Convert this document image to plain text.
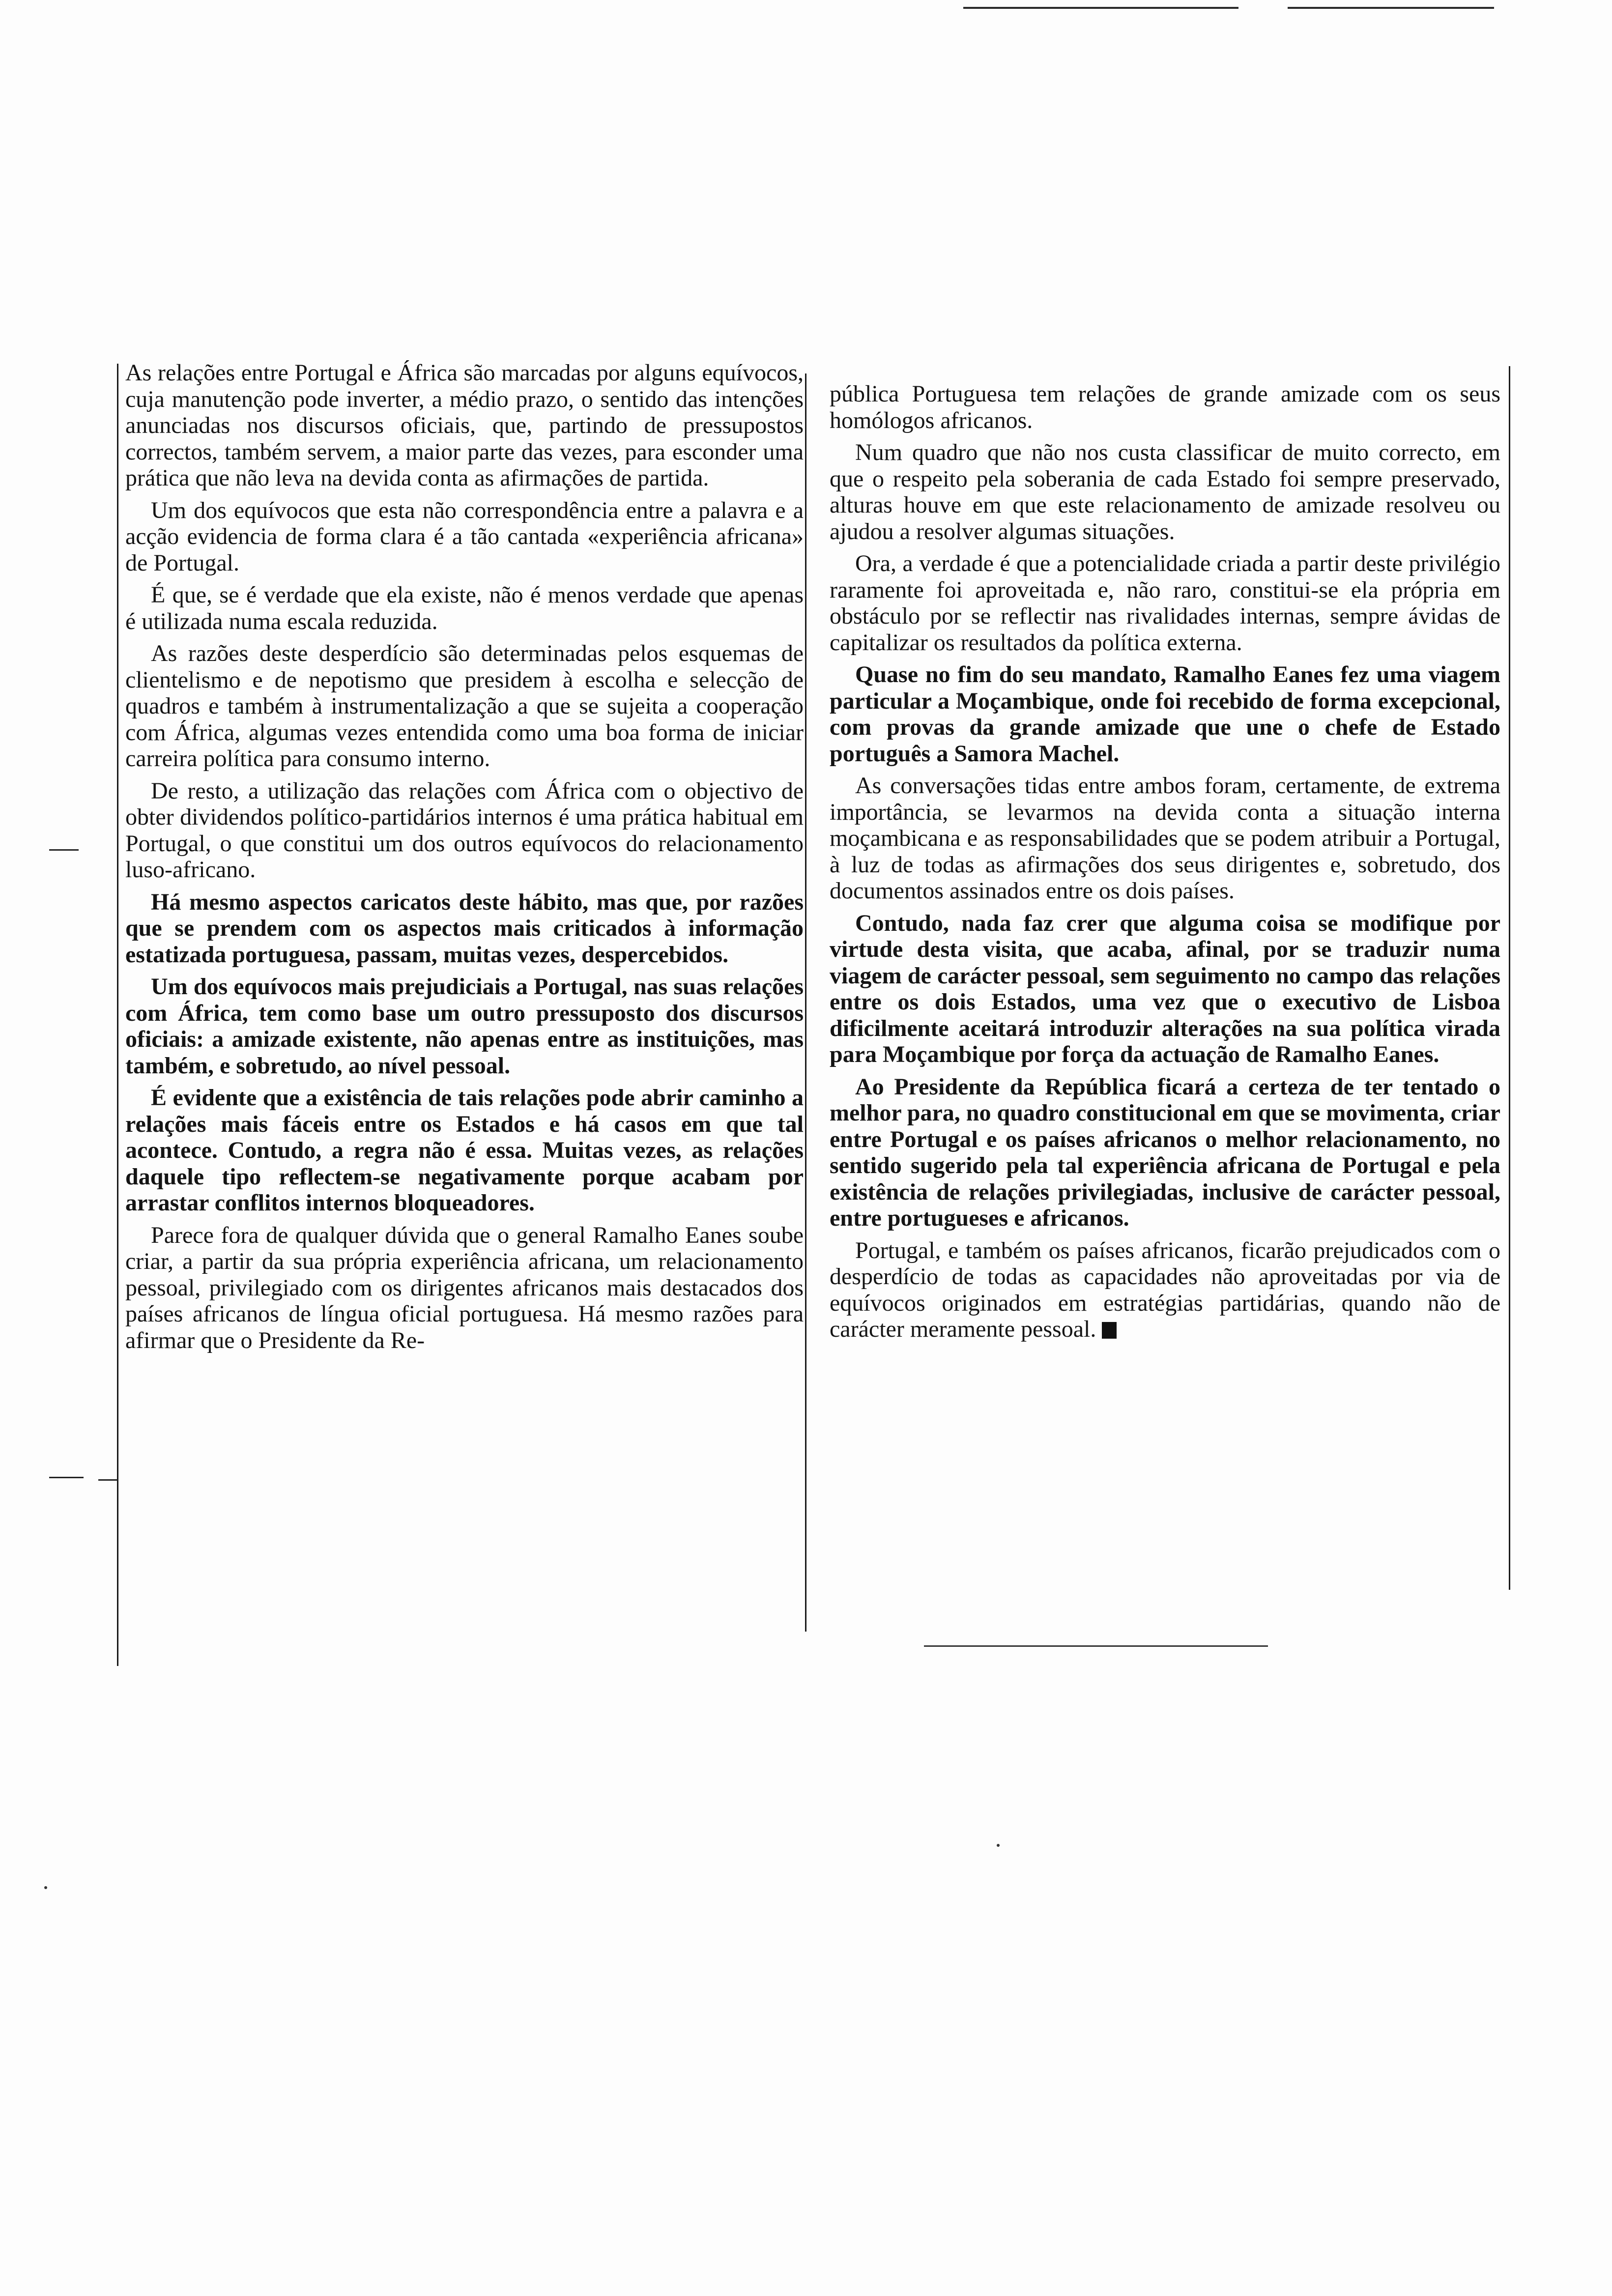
As relações entre Portugal e África são marcadas por alguns equívocos, cuja manutenção pode inverter, a médio prazo, o sentido das intenções anunciadas nos discursos oficiais, que, partindo de pressupostos correctos, também servem, a maior parte das vezes, para esconder uma prática que não leva na devida conta as afirmações de partida.

Um dos equívocos que esta não correspondência entre a palavra e a acção evidencia de forma clara é a tão cantada «experiência africana» de Portugal.

É que, se é verdade que ela existe, não é menos verdade que apenas é utilizada numa escala reduzida.

As razões deste desperdício são determinadas pelos esquemas de clientelismo e de nepotismo que presidem à escolha e selecção de quadros e também à instrumentalização a que se sujeita a cooperação com África, algumas vezes entendida como uma boa forma de iniciar carreira política para consumo interno.

De resto, a utilização das relações com África com o objectivo de obter dividendos político-partidários internos é uma prática habitual em Portugal, o que constitui um dos outros equívocos do relacionamento luso-africano.

Há mesmo aspectos caricatos deste hábito, mas que, por razões que se prendem com os aspectos mais criticados à informação estatizada portuguesa, passam, muitas vezes, despercebidos.

Um dos equívocos mais prejudiciais a Portugal, nas suas relações com África, tem como base um outro pressuposto dos discursos oficiais: a amizade existente, não apenas entre as instituições, mas também, e sobretudo, ao nível pessoal.

É evidente que a existência de tais relações pode abrir caminho a relações mais fáceis entre os Estados e há casos em que tal acontece. Contudo, a regra não é essa. Muitas vezes, as relações daquele tipo reflectem-se negativamente porque acabam por arrastar conflitos internos bloqueadores.

Parece fora de qualquer dúvida que o general Ramalho Eanes soube criar, a partir da sua própria experiência africana, um relacionamento pessoal, privilegiado com os dirigentes africanos mais destacados dos países africanos de língua oficial portuguesa. Há mesmo razões para afirmar que o Presidente da Re-

pública Portuguesa tem relações de grande amizade com os seus homólogos africanos.

Num quadro que não nos custa classificar de muito correcto, em que o respeito pela soberania de cada Estado foi sempre preservado, alturas houve em que este relacionamento de amizade resolveu ou ajudou a resolver algumas situações.

Ora, a verdade é que a potencialidade criada a partir deste privilégio raramente foi aproveitada e, não raro, constitui-se ela própria em obstáculo por se reflectir nas rivalidades internas, sempre ávidas de capitalizar os resultados da política externa.

Quase no fim do seu mandato, Ramalho Eanes fez uma viagem particular a Moçambique, onde foi recebido de forma excepcional, com provas da grande amizade que une o chefe de Estado português a Samora Machel.

As conversações tidas entre ambos foram, certamente, de extrema importância, se levarmos na devida conta a situação interna moçambicana e as responsabilidades que se podem atribuir a Portugal, à luz de todas as afirmações dos seus dirigentes e, sobretudo, dos documentos assinados entre os dois países.

Contudo, nada faz crer que alguma coisa se modifique por virtude desta visita, que acaba, afinal, por se traduzir numa viagem de carácter pessoal, sem seguimento no campo das relações entre os dois Estados, uma vez que o executivo de Lisboa dificilmente aceitará introduzir alterações na sua política virada para Moçambique por força da actuação de Ramalho Eanes.

Ao Presidente da República ficará a certeza de ter tentado o melhor para, no quadro constitucional em que se movimenta, criar entre Portugal e os países africanos o melhor relacionamento, no sentido sugerido pela tal experiência africana de Portugal e pela existência de relações privilegiadas, inclusive de carácter pessoal, entre portugueses e africanos.

Portugal, e também os países africanos, ficarão prejudicados com o desperdício de todas as capacidades não aproveitadas por via de equívocos originados em estratégias partidárias, quando não de carácter meramente pessoal.
